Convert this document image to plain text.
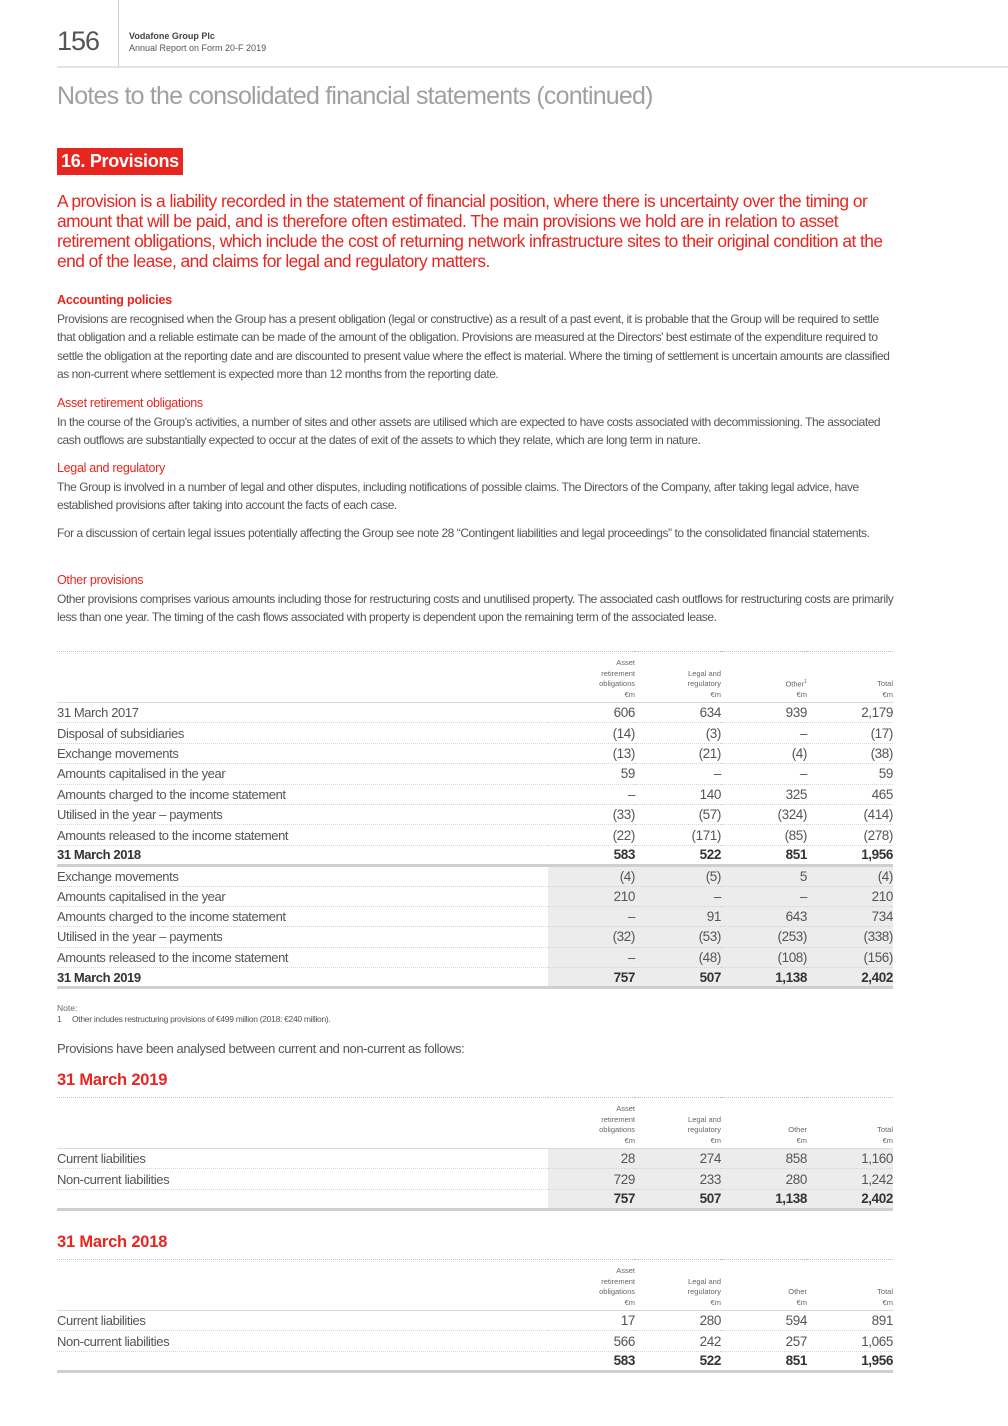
156	Vodafone Group Plc
Annual Report on Form 20-F 2019
Notes to the consolidated financial statements (continued)
16. Provisions
A provision is a liability recorded in the statement of financial position, where there is uncertainty over the timing or amount that will be paid, and is therefore often estimated. The main provisions we hold are in relation to asset retirement obligations, which include the cost of returning network infrastructure sites to their original condition at the end of the lease, and claims for legal and regulatory matters.
Accounting policies
Provisions are recognised when the Group has a present obligation (legal or constructive) as a result of a past event, it is probable that the Group will be required to settle that obligation and a reliable estimate can be made of the amount of the obligation. Provisions are measured at the Directors' best estimate of the expenditure required to settle the obligation at the reporting date and are discounted to present value where the effect is material. Where the timing of settlement is uncertain amounts are classified as non-current where settlement is expected more than 12 months from the reporting date.
Asset retirement obligations
In the course of the Group's activities, a number of sites and other assets are utilised which are expected to have costs associated with decommissioning. The associated cash outflows are substantially expected to occur at the dates of exit of the assets to which they relate, which are long term in nature.
Legal and regulatory
The Group is involved in a number of legal and other disputes, including notifications of possible claims. The Directors of the Company, after taking legal advice, have established provisions after taking into account the facts of each case.
For a discussion of certain legal issues potentially affecting the Group see note 28 “Contingent liabilities and legal proceedings” to the consolidated financial statements.
Other provisions
Other provisions comprises various amounts including those for restructuring costs and unutilised property. The associated cash outflows for restructuring costs are primarily less than one year. The timing of the cash flows associated with property is dependent upon the remaining term of the associated lease.
	Asset
retirement
obligations
€m	Legal and
regulatory
€m	Other$^1$
€m	Total
€m
31 March 2017	606	634	939	2,179
Disposal of subsidiaries	(14)	(3)	–	(17)
Exchange movements	(13)	(21)	(4)	(38)
Amounts capitalised in the year	59	–	–	59
Amounts charged to the income statement	–	140	325	465
Utilised in the year – payments	(33)	(57)	(324)	(414)
Amounts released to the income statement	(22)	(171)	(85)	(278)
31 March 2018	583	522	851	1,956
Exchange movements	(4)	(5)	5	(4)
Amounts capitalised in the year	210	–	–	210
Amounts charged to the income statement	–	91	643	734
Utilised in the year – payments	(32)	(53)	(253)	(338)
Amounts released to the income statement	–	(48)	(108)	(156)
31 March 2019	757	507	1,138	2,402
Note:
1 Other includes restructuring provisions of €499 million (2018: €240 million).
Provisions have been analysed between current and non-current as follows:
31 March 2019
	Asset
retirement
obligations
€m	Legal and
regulatory
€m	Other
€m	Total
€m
Current liabilities	28	274	858	1,160
Non-current liabilities	729	233	280	1,242
	757	507	1,138	2,402
31 March 2018
	Asset
retirement
obligations
€m	Legal and
regulatory
€m	Other
€m	Total
€m
Current liabilities	17	280	594	891
Non-current liabilities	566	242	257	1,065
	583	522	851	1,956
